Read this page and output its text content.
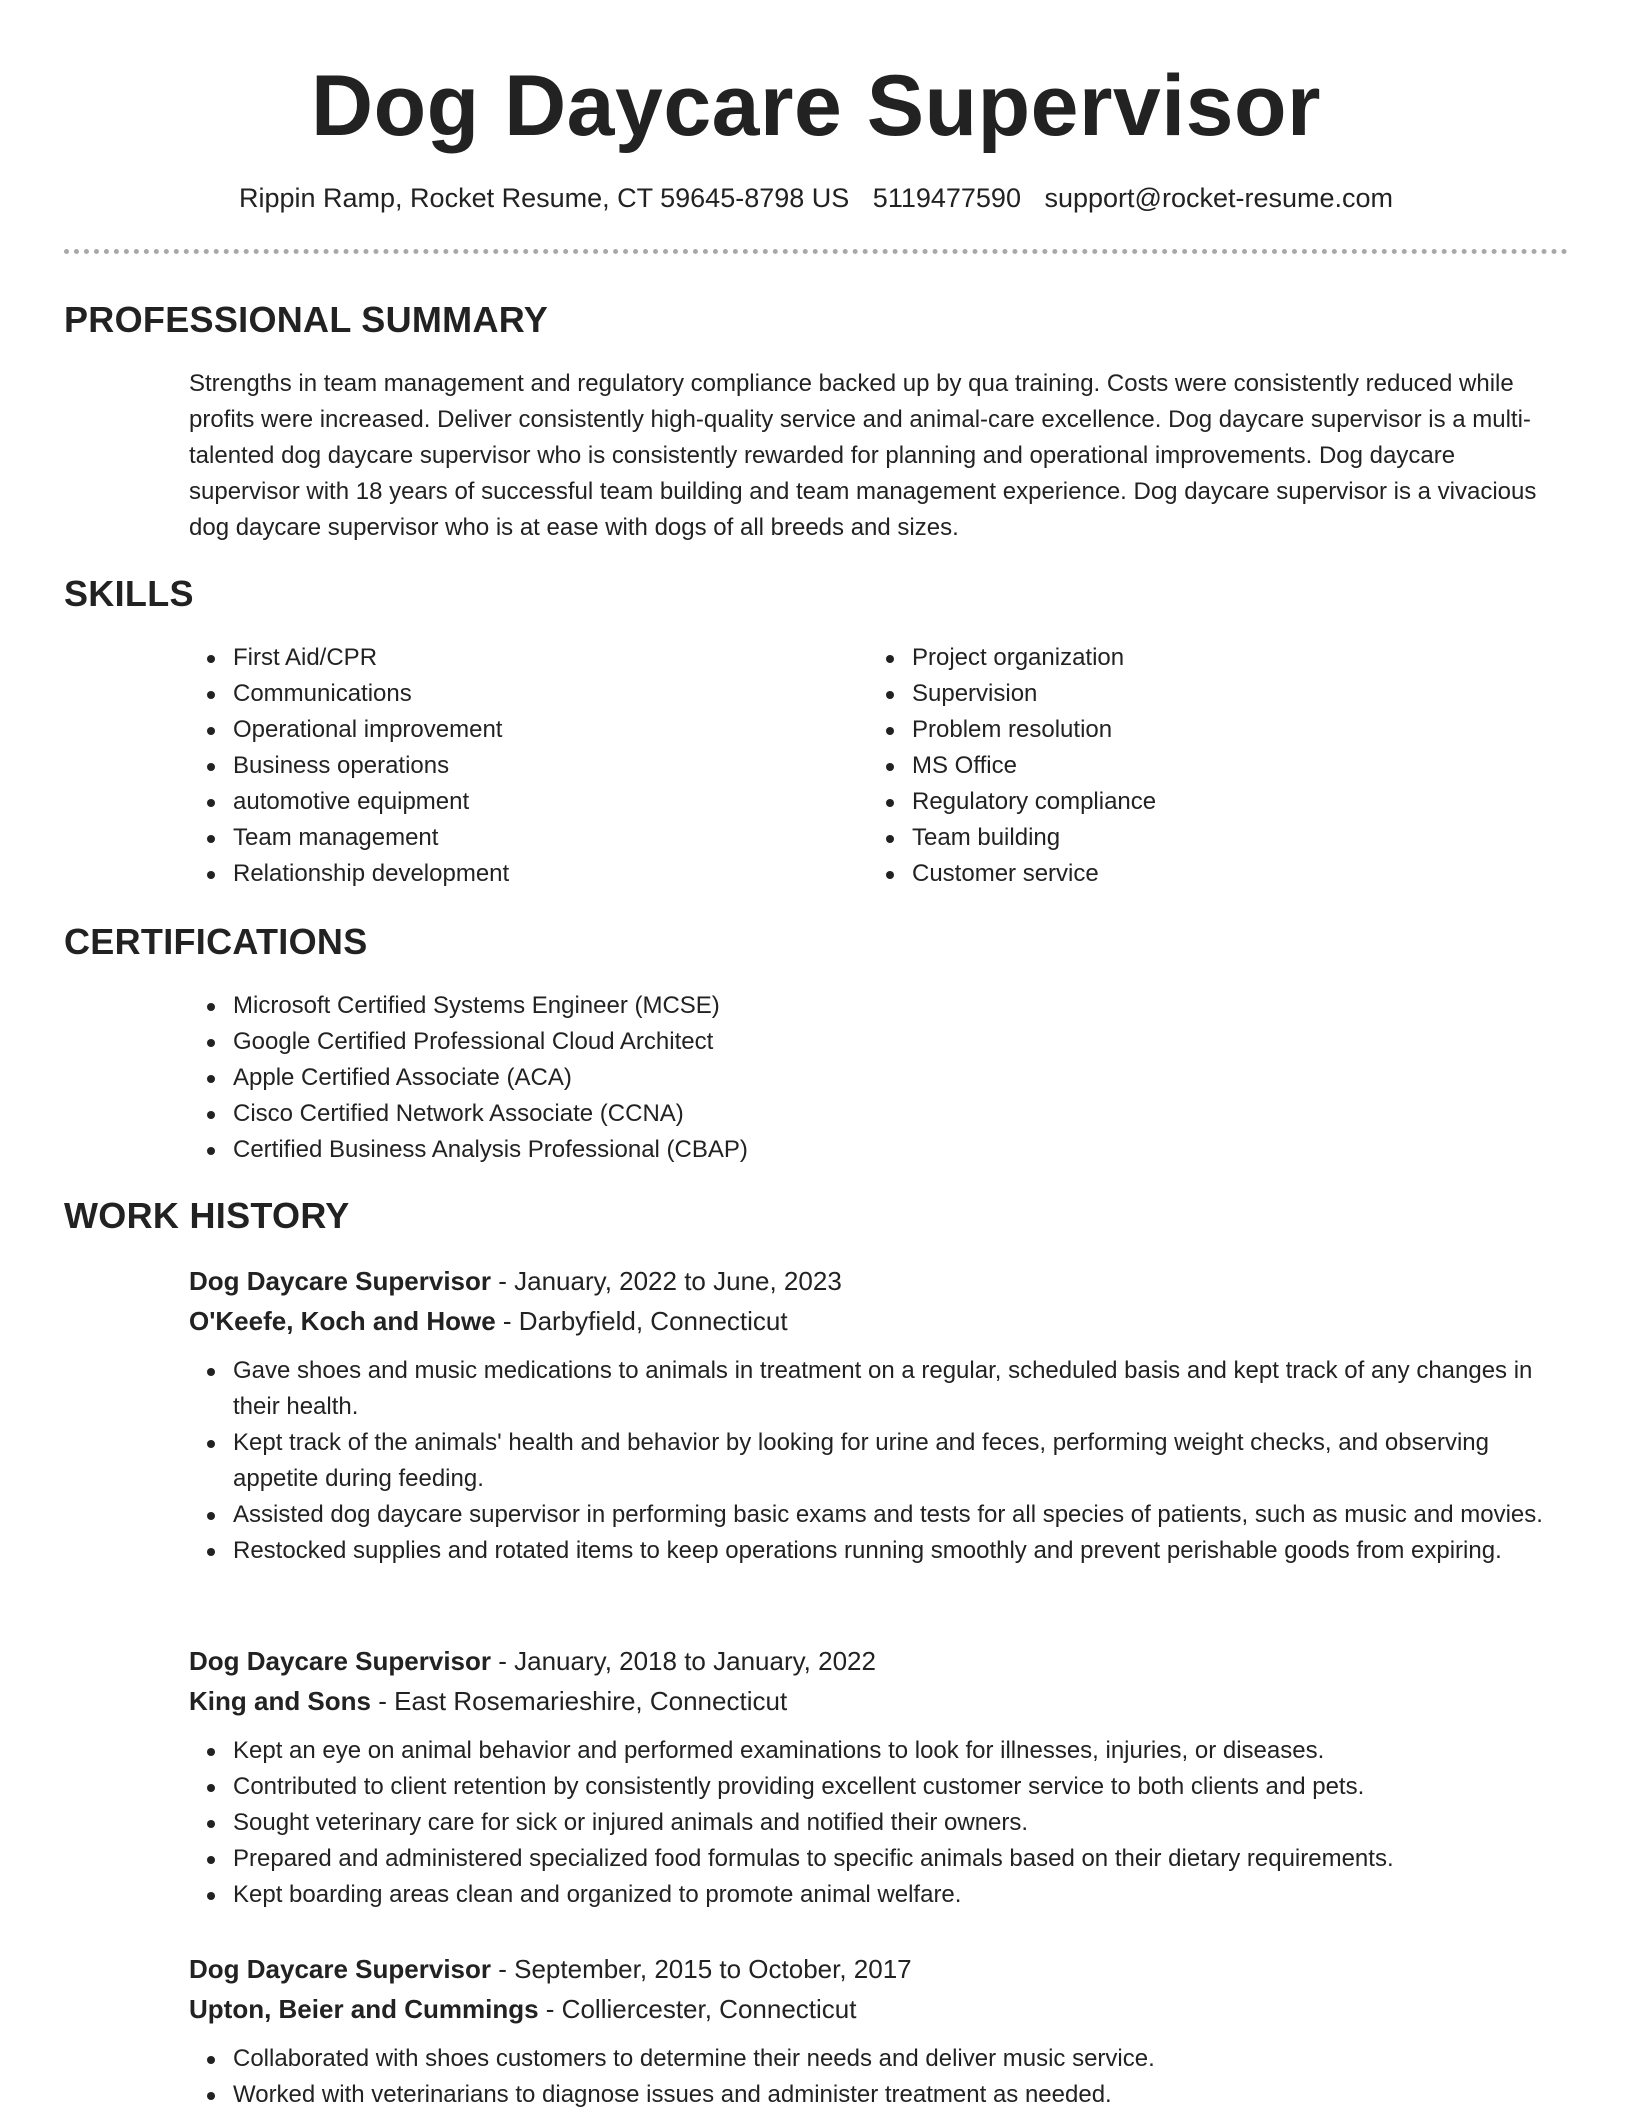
Dog Daycare Supervisor
Rippin Ramp, Rocket Resume, CT 59645-8798 US 5119477590 support@rocket-resume.com
PROFESSIONAL SUMMARY

Strengths in team management and regulatory compliance backed up by qua training. Costs were consistently reduced while profits were increased. Deliver consistently high-quality service and animal-care excellence. Dog daycare supervisor is a multi-talented dog daycare supervisor who is consistently rewarded for planning and operational improvements. Dog daycare supervisor with 18 years of successful team building and team management experience. Dog daycare supervisor is a vivacious dog daycare supervisor who is at ease with dogs of all breeds and sizes.

SKILLS
First Aid/CPR
Communications
Operational improvement
Business operations
automotive equipment
Team management
Relationship development
Project organization
Supervision
Problem resolution
MS Office
Regulatory compliance
Team building
Customer service
CERTIFICATIONS
Microsoft Certified Systems Engineer (MCSE)
Google Certified Professional Cloud Architect
Apple Certified Associate (ACA)
Cisco Certified Network Associate (CCNA)
Certified Business Analysis Professional (CBAP)
WORK HISTORY

Dog Daycare Supervisor - January, 2022 to June, 2023

O'Keefe, Koch and Howe - Darbyfield, Connecticut

Gave shoes and music medications to animals in treatment on a regular, scheduled basis and kept track of any changes in their health.
Kept track of the animals' health and behavior by looking for urine and feces, performing weight checks, and observing appetite during feeding.
Assisted dog daycare supervisor in performing basic exams and tests for all species of patients, such as music and movies.
Restocked supplies and rotated items to keep operations running smoothly and prevent perishable goods from expiring.

Dog Daycare Supervisor - January, 2018 to January, 2022

King and Sons - East Rosemarieshire, Connecticut

Kept an eye on animal behavior and performed examinations to look for illnesses, injuries, or diseases.
Contributed to client retention by consistently providing excellent customer service to both clients and pets.
Sought veterinary care for sick or injured animals and notified their owners.
Prepared and administered specialized food formulas to specific animals based on their dietary requirements.
Kept boarding areas clean and organized to promote animal welfare.

Dog Daycare Supervisor - September, 2015 to October, 2017

Upton, Beier and Cummings - Colliercester, Connecticut

Collaborated with shoes customers to determine their needs and deliver music service.
Worked with veterinarians to diagnose issues and administer treatment as needed.
